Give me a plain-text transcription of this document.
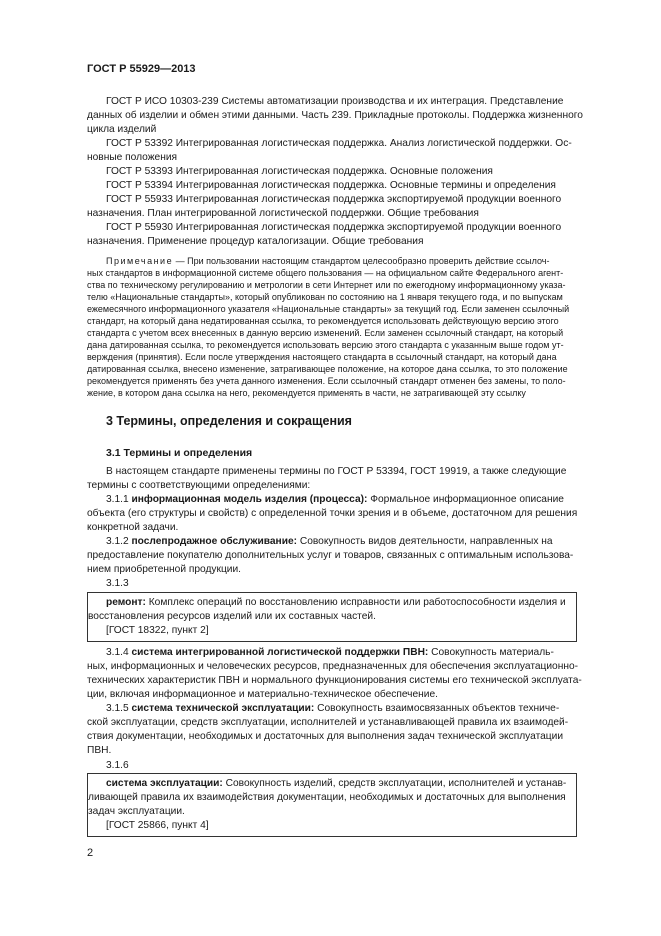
ГОСТ Р 55929—2013
ГОСТ Р ИСО 10303-239 Системы автоматизации производства и их интеграция. Представление
данных об изделии и обмен этими данными. Часть 239. Прикладные протоколы. Поддержка жизненного
цикла изделий
ГОСТ Р 53392 Интегрированная логистическая поддержка. Анализ логистической поддержки. Ос-
новные положения
ГОСТ Р 53393 Интегрированная логистическая поддержка. Основные положения
ГОСТ Р 53394 Интегрированная логистическая поддержка. Основные термины и определения
ГОСТ Р 55933 Интегрированная логистическая поддержка экспортируемой продукции военного
назначения. План интегрированной логистической поддержки. Общие требования
ГОСТ Р 55930 Интегрированная логистическая поддержка экспортируемой продукции военного
назначения. Применение процедур каталогизации. Общие требования
Примечание — При пользовании настоящим стандартом целесообразно проверить действие ссылоч-
ных стандартов в информационной системе общего пользования — на официальном сайте Федерального агент-
ства по техническому регулированию и метрологии в сети Интернет или по ежегодному информационному указа-
телю «Национальные стандарты», который опубликован по состоянию на 1 января текущего года, и по выпускам
ежемесячного информационного указателя «Национальные стандарты» за текущий год. Если заменен ссылочный
стандарт, на который дана недатированная ссылка, то рекомендуется использовать действующую версию этого
стандарта с учетом всех внесенных в данную версию изменений. Если заменен ссылочный стандарт, на который
дана датированная ссылка, то рекомендуется использовать версию этого стандарта с указанным выше годом ут-
верждения (принятия). Если после утверждения настоящего стандарта в ссылочный стандарт, на который дана
датированная ссылка, внесено изменение, затрагивающее положение, на которое дана ссылка, то это положение
рекомендуется применять без учета данного изменения. Если ссылочный стандарт отменен без замены, то поло-
жение, в котором дана ссылка на него, рекомендуется применять в части, не затрагивающей эту ссылку
3 Термины, определения и сокращения
3.1 Термины и определения
В настоящем стандарте применены термины по ГОСТ Р 53394, ГОСТ 19919, а также следующие
термины с соответствующими определениями:
3.1.1 информационная модель изделия (процесса): Формальное информационное описание
объекта (его структуры и свойств) с определенной точки зрения и в объеме, достаточном для решения
конкретной задачи.
3.1.2 послепродажное обслуживание: Совокупность видов деятельности, направленных на
предоставление покупателю дополнительных услуг и товаров, связанных с оптимальным использова-
нием приобретенной продукции.
3.1.3
ремонт: Комплекс операций по восстановлению исправности или работоспособности изделия и
восстановления ресурсов изделий или их составных частей.
[ГОСТ 18322, пункт 2]
3.1.4 система интегрированной логистической поддержки ПВН: Совокупность материаль-
ных, информационных и человеческих ресурсов, предназначенных для обеспечения эксплуатационно-
технических характеристик ПВН и нормального функционирования системы его технической эксплуата-
ции, включая информационное и материально-техническое обеспечение.
3.1.5 система технической эксплуатации: Совокупность взаимосвязанных объектов техниче-
ской эксплуатации, средств эксплуатации, исполнителей и устанавливающей правила их взаимодей-
ствия документации, необходимых и достаточных для выполнения задач технической эксплуатации
ПВН.
3.1.6
система эксплуатации: Совокупность изделий, средств эксплуатации, исполнителей и устанав-
ливающей правила их взаимодействия документации, необходимых и достаточных для выполнения
задач эксплуатации.
[ГОСТ 25866, пункт 4]
2
